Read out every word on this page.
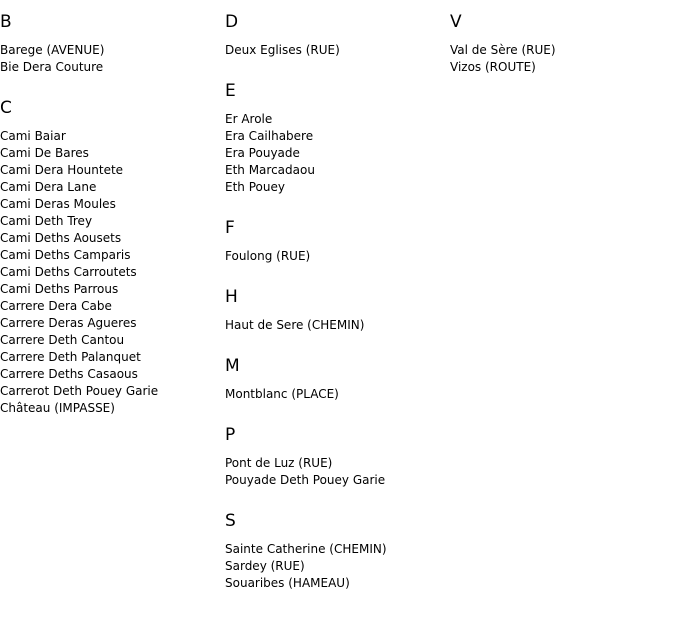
B
Barege (AVENUE)
Bie Dera Couture
C
Cami Baiar
Cami De Bares
Cami Dera Hountete
Cami Dera Lane
Cami Deras Moules
Cami Deth Trey
Cami Deths Aousets
Cami Deths Camparis
Cami Deths Carroutets
Cami Deths Parrous
Carrere Dera Cabe
Carrere Deras Agueres
Carrere Deth Cantou
Carrere Deth Palanquet
Carrere Deths Casaous
Carrerot Deth Pouey Garie
Château (IMPASSE)
D
Deux Eglises (RUE)
E
Er Arole
Era Cailhabere
Era Pouyade
Eth Marcadaou
Eth Pouey
F
Foulong (RUE)
H
Haut de Sere (CHEMIN)
M
Montblanc (PLACE)
P
Pont de Luz (RUE)
Pouyade Deth Pouey Garie
S
Sainte Catherine (CHEMIN)
Sardey (RUE)
Souaribes (HAMEAU)
V
Val de Sère (RUE)
Vizos (ROUTE)
